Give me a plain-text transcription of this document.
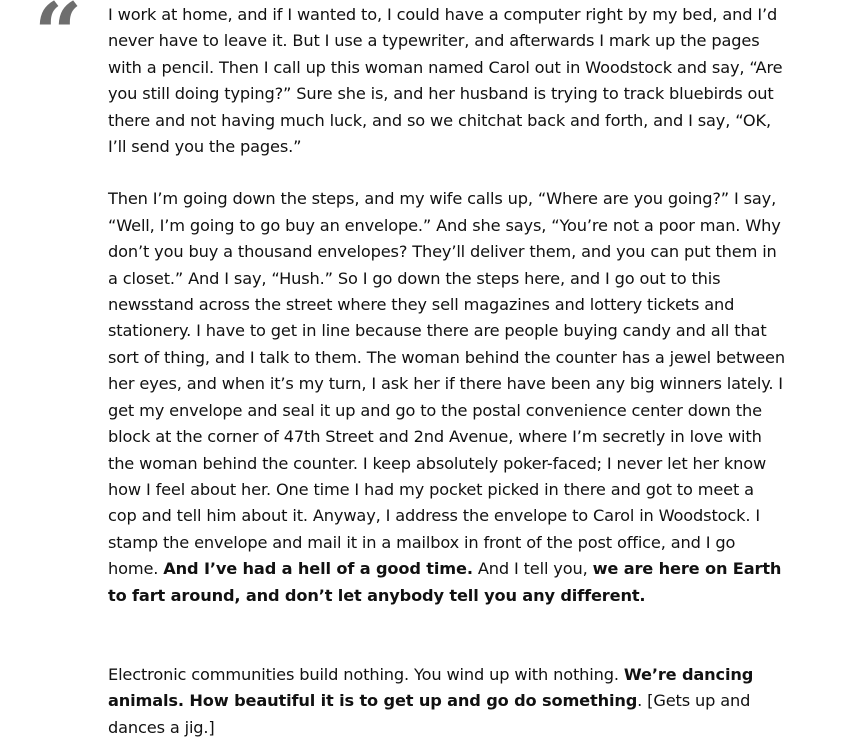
“ I work at home, and if I wanted to, I could have a computer right by my bed, and I’d never have to leave it. But I use a typewriter, and afterwards I mark up the pages with a pencil. Then I call up this woman named Carol out in Woodstock and say, “Are you still doing typing?” Sure she is, and her husband is trying to track bluebirds out there and not having much luck, and so we chitchat back and forth, and I say, “OK, I’ll send you the pages.”

Then I’m going down the steps, and my wife calls up, “Where are you going?” I say, “Well, I’m going to go buy an envelope.” And she says, “You’re not a poor man. Why don’t you buy a thousand envelopes? They’ll deliver them, and you can put them in a closet.” And I say, “Hush.” So I go down the steps here, and I go out to this newsstand across the street where they sell magazines and lottery tickets and stationery. I have to get in line because there are people buying candy and all that sort of thing, and I talk to them. The woman behind the counter has a jewel between her eyes, and when it’s my turn, I ask her if there have been any big winners lately. I get my envelope and seal it up and go to the postal convenience center down the block at the corner of 47th Street and 2nd Avenue, where I’m secretly in love with the woman behind the counter. I keep absolutely poker-faced; I never let her know how I feel about her. One time I had my pocket picked in there and got to meet a cop and tell him about it. Anyway, I address the envelope to Carol in Woodstock. I stamp the envelope and mail it in a mailbox in front of the post office, and I go home. And I’ve had a hell of a good time. And I tell you, we are here on Earth to fart around, and don’t let anybody tell you any different.

Electronic communities build nothing. You wind up with nothing. We’re dancing animals. How beautiful it is to get up and go do something. [Gets up and dances a jig.]
